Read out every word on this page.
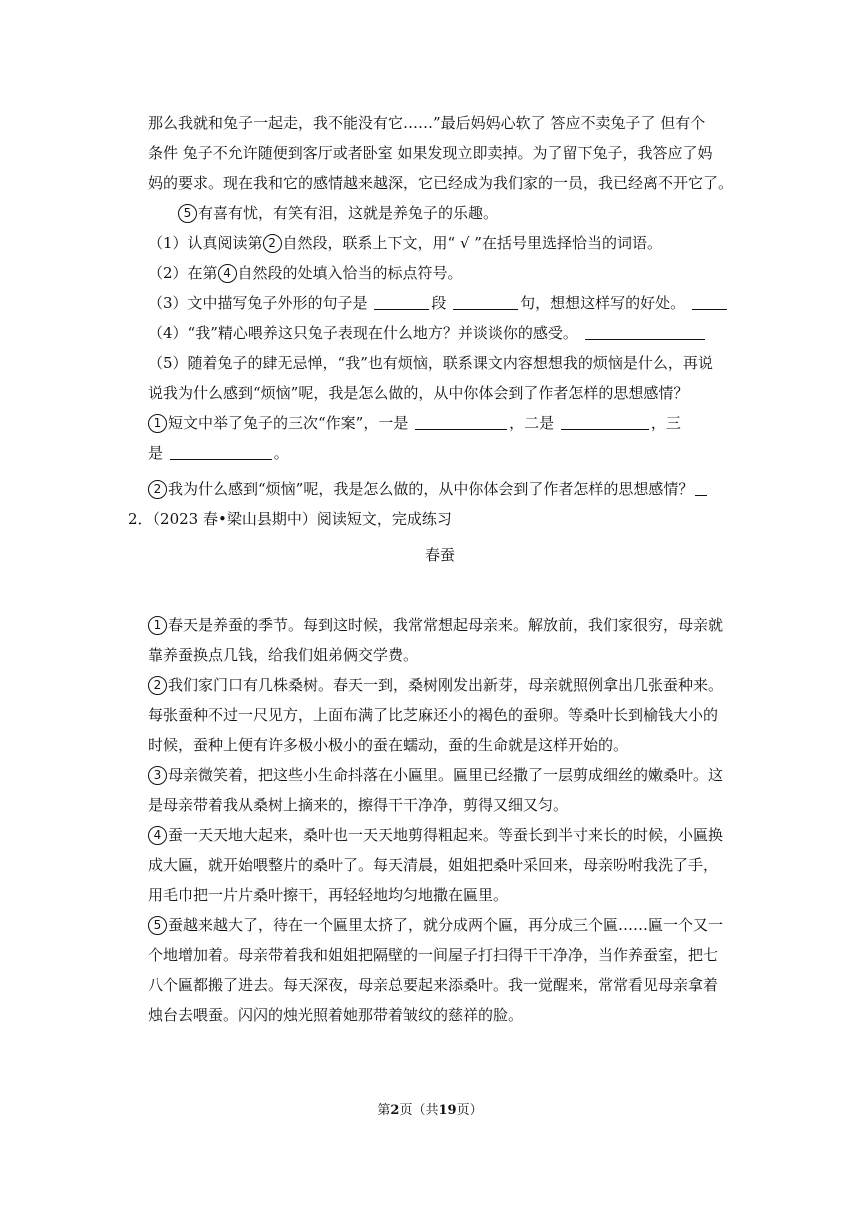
那么我就和兔子一起走，我不能没有它……”最后妈妈心软了 答应不卖兔子了 但有个

条件 兔子不允许随便到客厅或者卧室 如果发现立即卖掉。为了留下兔子，我答应了妈

妈的要求。现在我和它的感情越来越深，它已经成为我们家的一员，我已经离不开它了。

5 有喜有忧，有笑有泪，这就是养兔子的乐趣。

（1）认真阅读第 2 自然段，联系上下文，用“ √ ”在括号里选择恰当的词语。

（2）在第 4 自然段的处填入恰当的标点符号。

（3）文中描写兔子外形的句子是	段	句，想想这样写的好处。

（4）“我”精心喂养这只兔子表现在什么地方？并谈谈你的感受。

（5）随着兔子的肆无忌惮，“我”也有烦恼，联系课文内容想想我的烦恼是什么，再说

说我为什么感到“烦恼”呢，我是怎么做的，从中你体会到了作者怎样的思想感情？

1 短文中举了兔子的三次“作案”，一是	，二是	，三

是	。

2 我为什么感到“烦恼”呢，我是怎么做的，从中你体会到了作者怎样的思想感情？

2．（2023 春•梁山县期中）阅读短文，完成练习

春蚕

1 春天是养蚕的季节。每到这时候，我常常想起母亲来。解放前，我们家很穷，母亲就

靠养蚕换点几钱，给我们姐弟俩交学费。

2 我们家门口有几株桑树。春天一到，桑树刚发出新芽，母亲就照例拿出几张蚕种来。

每张蚕种不过一尺见方，上面布满了比芝麻还小的褐色的蚕卵。等桑叶长到榆钱大小的

时候，蚕种上便有许多极小极小的蚕在蠕动，蚕的生命就是这样开始的。

3 母亲微笑着，把这些小生命抖落在小匾里。匾里已经撒了一层剪成细丝的嫩桑叶。这

是母亲带着我从桑树上摘来的，擦得干干净净，剪得又细又匀。

4 蚕一天天地大起来，桑叶也一天天地剪得粗起来。等蚕长到半寸来长的时候，小匾换

成大匾，就开始喂整片的桑叶了。每天清晨，姐姐把桑叶采回来，母亲吩咐我洗了手，

用毛巾把一片片桑叶擦干，再轻轻地均匀地撒在匾里。

5 蚕越来越大了，待在一个匾里太挤了，就分成两个匾，再分成三个匾……匾一个又一

个地增加着。母亲带着我和姐姐把隔壁的一间屋子打扫得干干净净，当作养蚕室，把七

八个匾都搬了进去。每天深夜，母亲总要起来添桑叶。我一觉醒来，常常看见母亲拿着

烛台去喂蚕。闪闪的烛光照着她那带着皱纹的慈祥的脸。

第2页（共19页）
